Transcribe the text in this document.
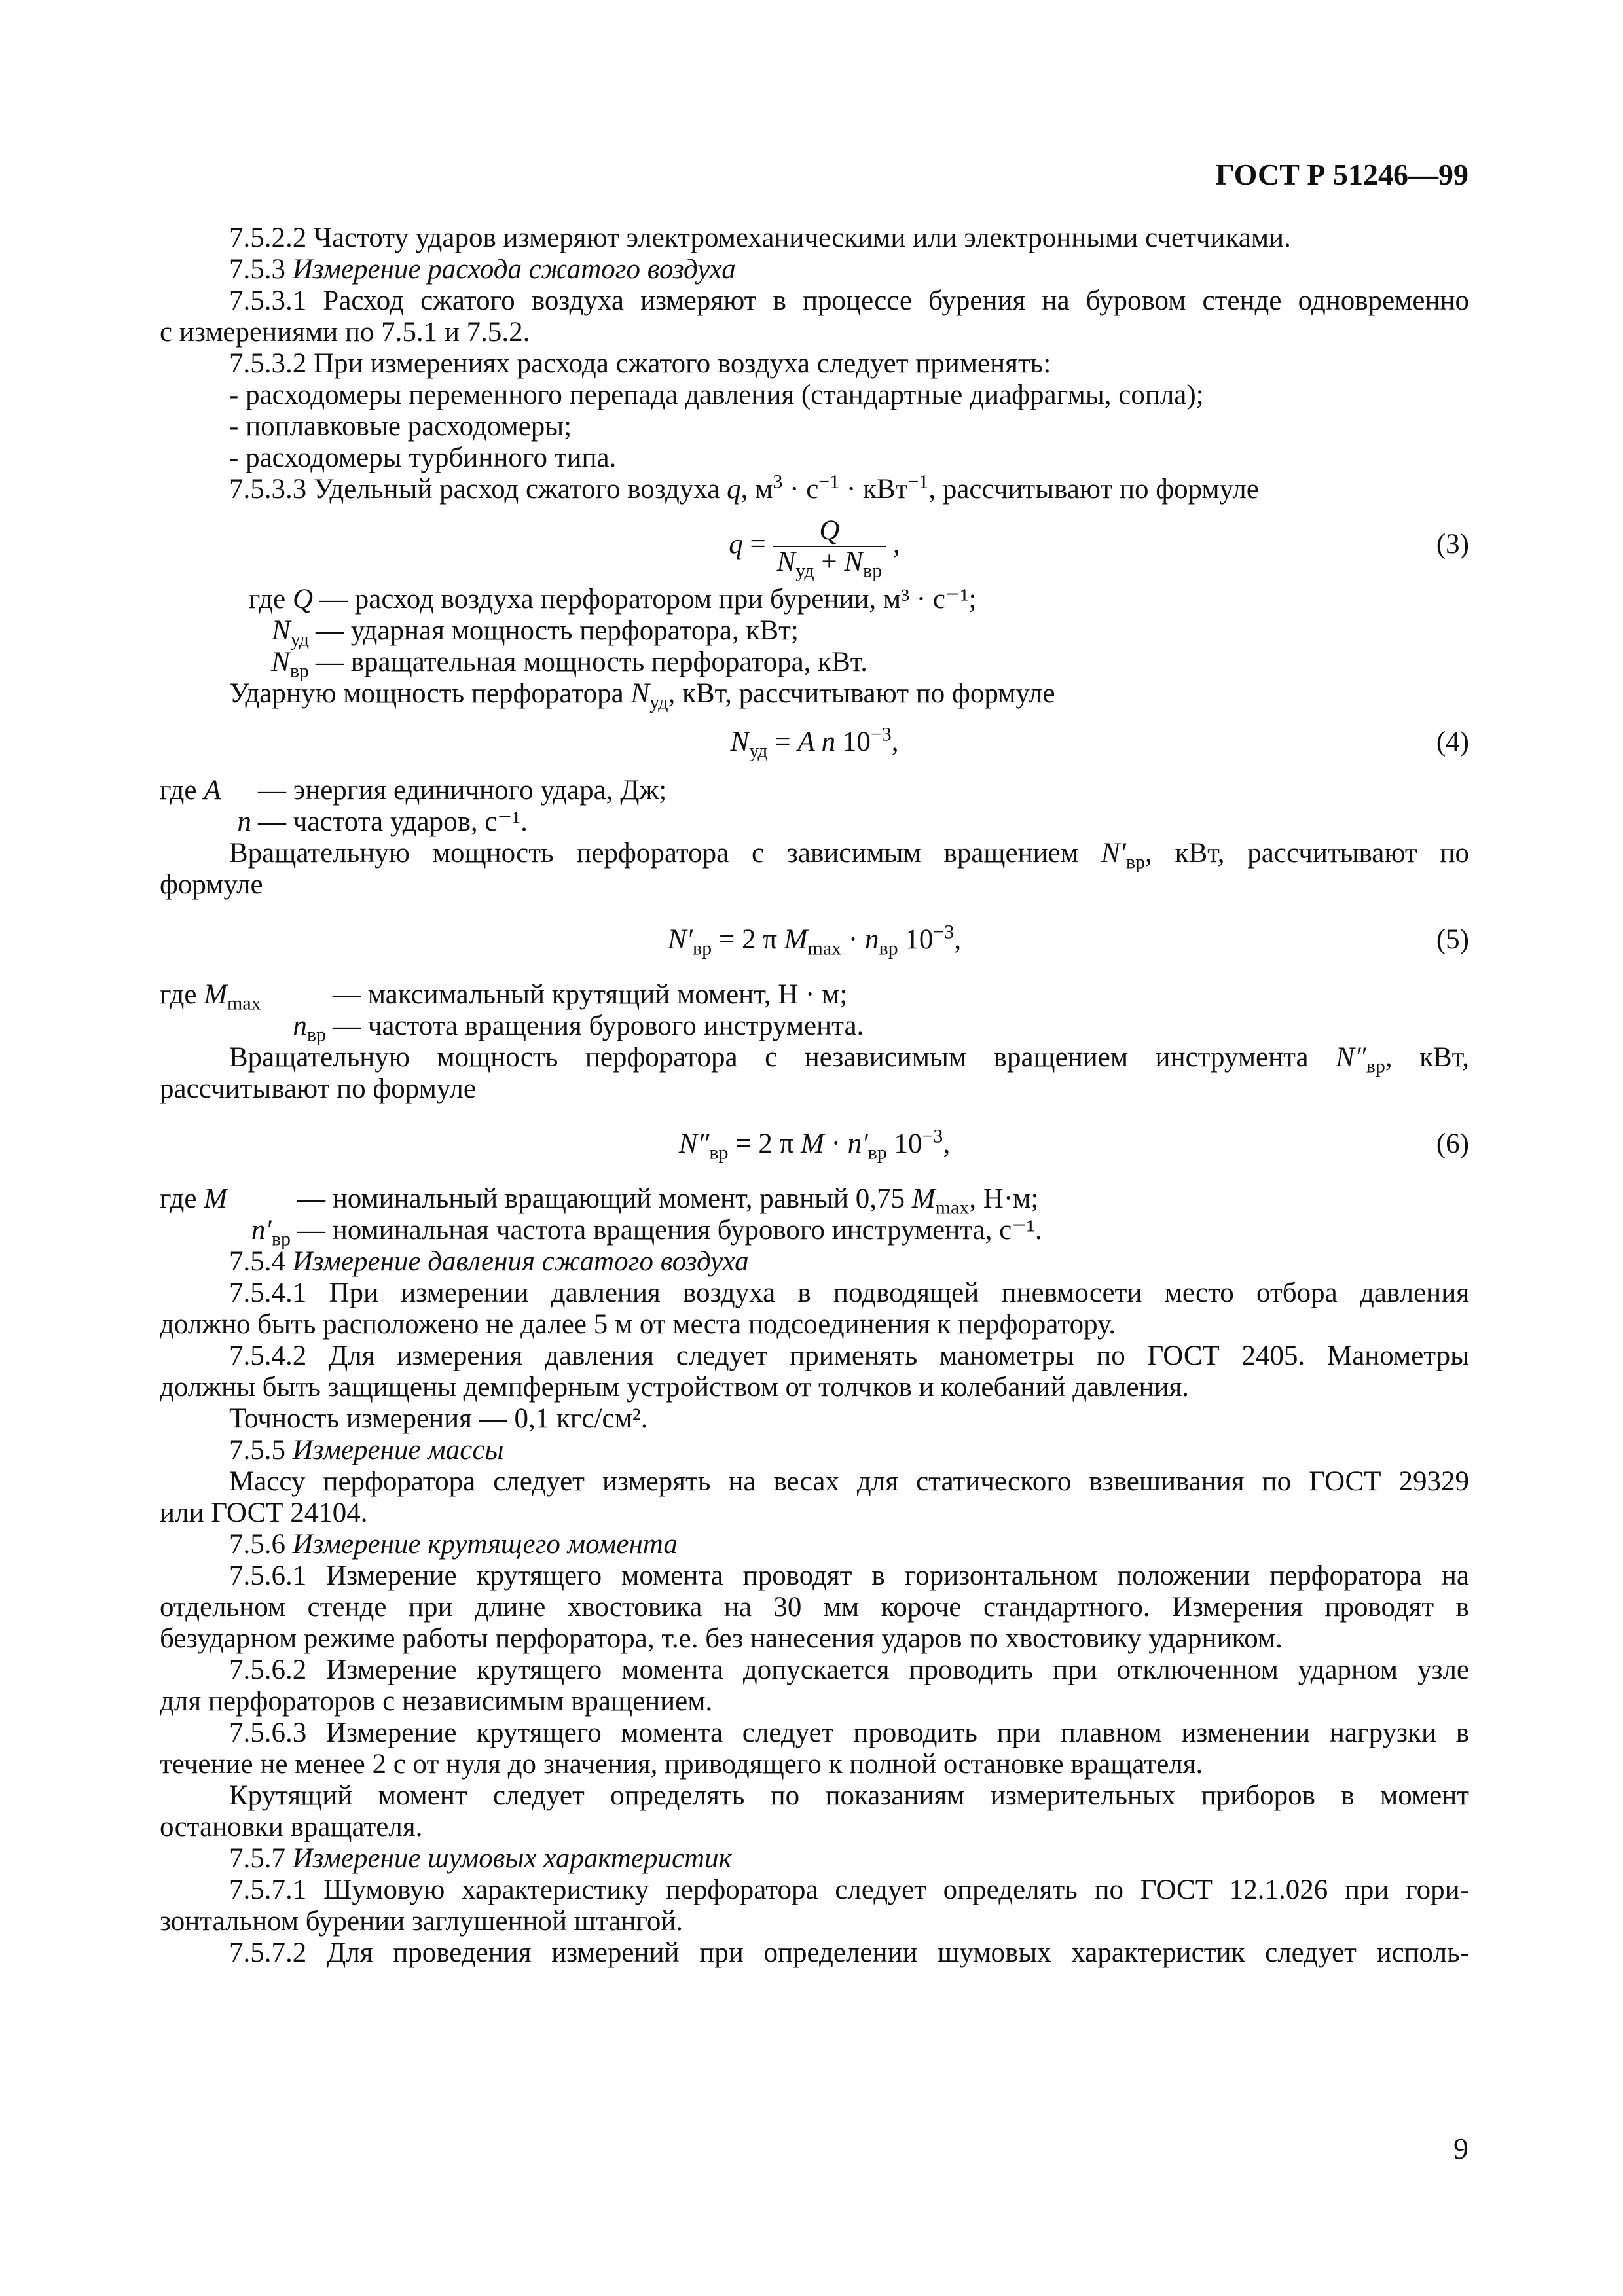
ГОСТ Р 51246—99

7.5.2.2 Частоту ударов измеряют электромеханическими или электронными счетчиками.

7.5.3 Измерение расхода сжатого воздуха

7.5.3.1 Расход сжатого воздуха измеряют в процессе бурения на буровом стенде одновременно

с измерениями по 7.5.1 и 7.5.2.

7.5.3.2 При измерениях расхода сжатого воздуха следует применять:

- расходомеры переменного перепада давления (стандартные диафрагмы, сопла);

- поплавковые расходомеры;

- расходомеры турбинного типа.

7.5.3.3 Удельный расход сжатого воздуха q, $м^3 \cdot с^{-1} \cdot кВт^{-1}$, рассчитывают по формуле

$q = \frac{Q}{N_{уд} + N_{вр}}$ ,	(3)
где Q — расход воздуха перфоратором при бурении, м³ · с⁻¹;
$N_{уд}$ — ударная мощность перфоратора, кВт;
$N_{вр}$ — вращательная мощность перфоратора, кВт.

Ударную мощность перфоратора $N_{уд}$, кВт, рассчитывают по формуле

$N_{уд} = A$ n $10^{-3}$,	(4)
где A	— энергия единичного удара, Дж;
n — частота ударов, с⁻¹.

Вращательную мощность перфоратора с зависимым вращением $N'_{вр}$, кВт, рассчитывают по

формуле

$N'_{вр} = 2$ π $M_{max} \cdot n_{вр}$ $10^{-3}$,	(5)
где $M_{max}$	— максимальный крутящий момент, Н · м;
$n_{вр}$ — частота вращения бурового инструмента.

Вращательную мощность перфоратора с независимым вращением инструмента $N''_{вр}$, кВт,

рассчитывают по формуле

$N''_{вр} = 2$ π $M \cdot n'_{вр}$ $10^{-3}$,	(6)
где M	— номинальный вращающий момент, равный 0,75 $M_{max}$, Н·м;
$n'_{вр}$ — номинальная частота вращения бурового инструмента, с⁻¹.

7.5.4 Измерение давления сжатого воздуха

7.5.4.1 При измерении давления воздуха в подводящей пневмосети место отбора давления

должно быть расположено не далее 5 м от места подсоединения к перфоратору.

7.5.4.2 Для измерения давления следует применять манометры по ГОСТ 2405. Манометры

должны быть защищены демпферным устройством от толчков и колебаний давления.

Точность измерения — 0,1 кгс/см².

7.5.5 Измерение массы

Массу перфоратора следует измерять на весах для статического взвешивания по ГОСТ 29329

или ГОСТ 24104.

7.5.6 Измерение крутящего момента

7.5.6.1 Измерение крутящего момента проводят в горизонтальном положении перфоратора на

отдельном стенде при длине хвостовика на 30 мм короче стандартного. Измерения проводят в

безударном режиме работы перфоратора, т.е. без нанесения ударов по хвостовику ударником.

7.5.6.2 Измерение крутящего момента допускается проводить при отключенном ударном узле

для перфораторов с независимым вращением.

7.5.6.3 Измерение крутящего момента следует проводить при плавном изменении нагрузки в

течение не менее 2 с от нуля до значения, приводящего к полной остановке вращателя.

Крутящий момент следует определять по показаниям измерительных приборов в момент

остановки вращателя.

7.5.7 Измерение шумовых характеристик

7.5.7.1 Шумовую характеристику перфоратора следует определять по ГОСТ 12.1.026 при гори-

зонтальном бурении заглушенной штангой.

7.5.7.2 Для проведения измерений при определении шумовых характеристик следует исполь-

9
